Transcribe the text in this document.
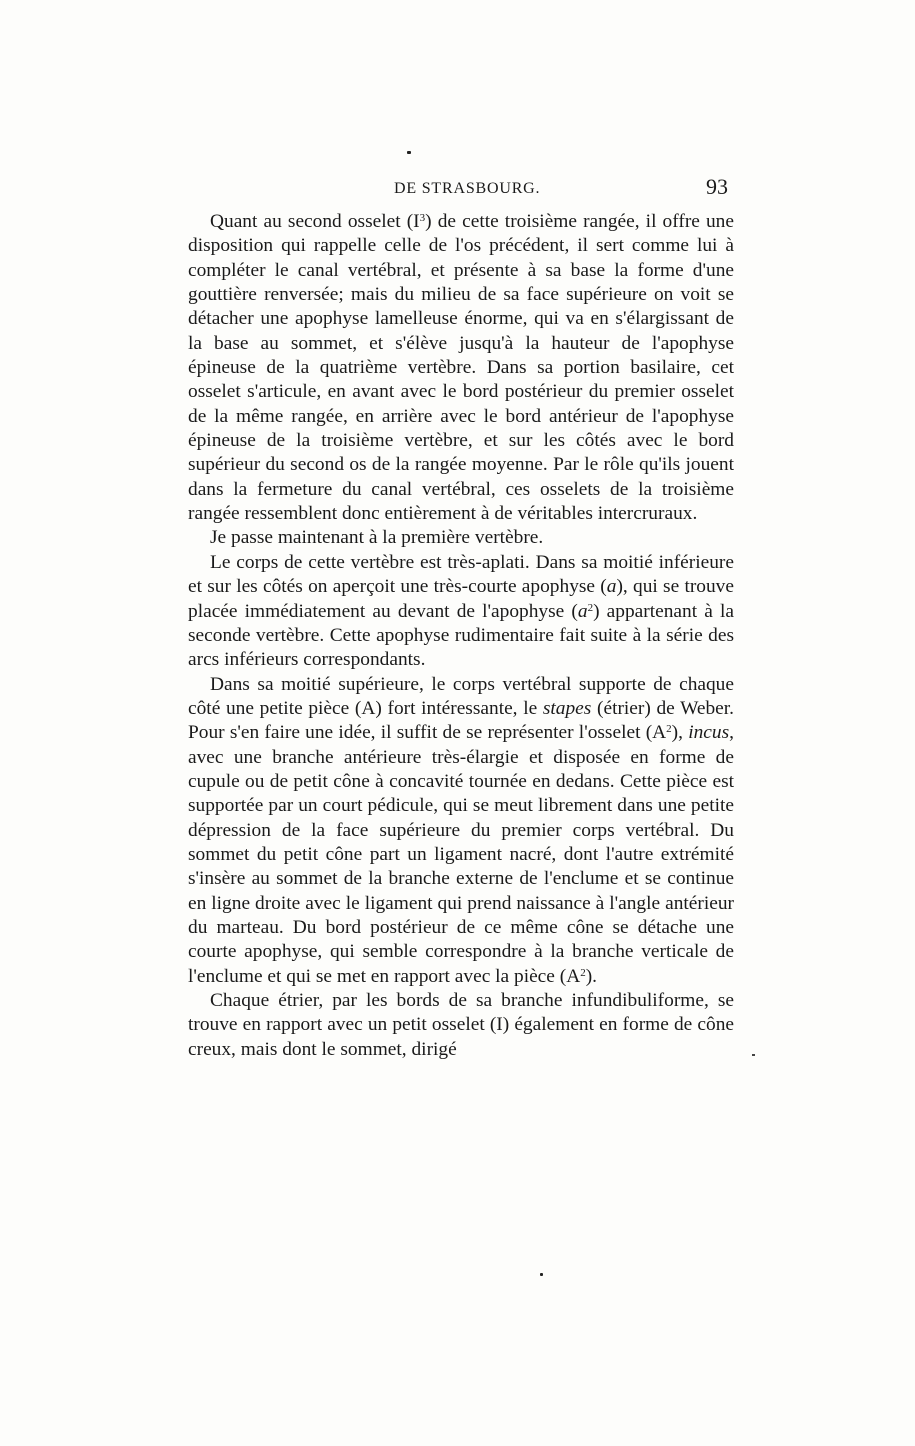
DE STRASBOURG.	93

Quant au second osselet $(I^3)$ de cette troisième rangée, il offre une disposition qui rappelle celle de l'os précédent, il sert comme lui à compléter le canal vertébral, et présente à sa base la forme d'une gouttière renversée; mais du milieu de sa face supérieure on voit se détacher une apophyse lamelleuse énorme, qui va en s'élargissant de la base au sommet, et s'élève jusqu'à la hauteur de l'apophyse épineuse de la quatrième vertèbre. Dans sa portion basilaire, cet osselet s'articule, en avant avec le bord postérieur du premier osselet de la même rangée, en arrière avec le bord antérieur de l'apophyse épineuse de la troisième vertèbre, et sur les côtés avec le bord supérieur du second os de la rangée moyenne. Par le rôle qu'ils jouent dans la fermeture du canal vertébral, ces osselets de la troisième rangée ressemblent donc entièrement à de véritables intercruraux.

Je passe maintenant à la première vertèbre.

Le corps de cette vertèbre est très-aplati. Dans sa moitié inférieure et sur les côtés on aperçoit une très-courte apophyse (a), qui se trouve placée immédiatement au devant de l'apophyse $(a^2)$ appartenant à la seconde vertèbre. Cette apophyse rudimentaire fait suite à la série des arcs inférieurs correspondants.

Dans sa moitié supérieure, le corps vertébral supporte de chaque côté une petite pièce (A) fort intéressante, le stapes (étrier) de Weber. Pour s'en faire une idée, il suffit de se représenter l'osselet $(A^2)$, incus, avec une branche antérieure très-élargie et disposée en forme de cupule ou de petit cône à concavité tournée en dedans. Cette pièce est supportée par un court pédicule, qui se meut librement dans une petite dépression de la face supérieure du premier corps vertébral. Du sommet du petit cône part un ligament nacré, dont l'autre extrémité s'insère au sommet de la branche externe de l'enclume et se continue en ligne droite avec le ligament qui prend naissance à l'angle antérieur du marteau. Du bord postérieur de ce même cône se détache une courte apophyse, qui semble correspondre à la branche verticale de l'enclume et qui se met en rapport avec la pièce $(A^2)$.

Chaque étrier, par les bords de sa branche infundibuliforme, se trouve en rapport avec un petit osselet (I) également en forme de cône creux, mais dont le sommet, dirigé
